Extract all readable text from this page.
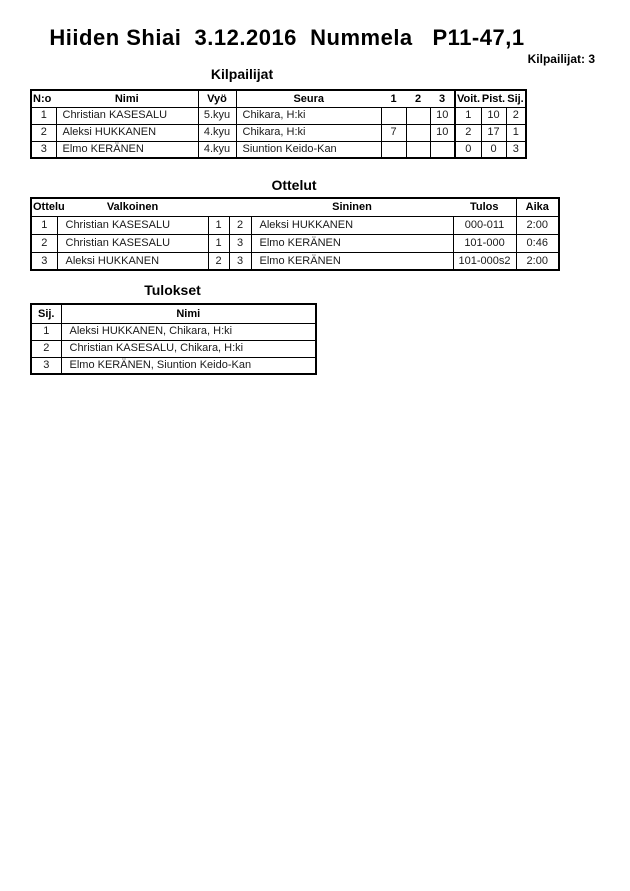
Hiiden Shiai  3.12.2016  Nummela   P11-47,1
Kilpailijat: 3
Kilpailijat
N:o	Nimi	Vyö	Seura	1	2	3	Voit.	Pist.	Sij.
1	Christian KASESALU	5.kyu	Chikara, H:ki			10	1	10	2
2	Aleksi HUKKANEN	4.kyu	Chikara, H:ki	7		10	2	17	1
3	Elmo KERÄNEN	4.kyu	Siuntion Keido-Kan				0	0	3
Ottelut
Ottelu	Valkoinen			Sininen	Tulos	Aika
1	Christian KASESALU	1	2	Aleksi HUKKANEN	000-011	2:00
2	Christian KASESALU	1	3	Elmo KERÄNEN	101-000	0:46
3	Aleksi HUKKANEN	2	3	Elmo KERÄNEN	101-000s2	2:00
Tulokset
Sij.	Nimi
1	Aleksi HUKKANEN, Chikara, H:ki
2	Christian KASESALU, Chikara, H:ki
3	Elmo KERÄNEN, Siuntion Keido-Kan
